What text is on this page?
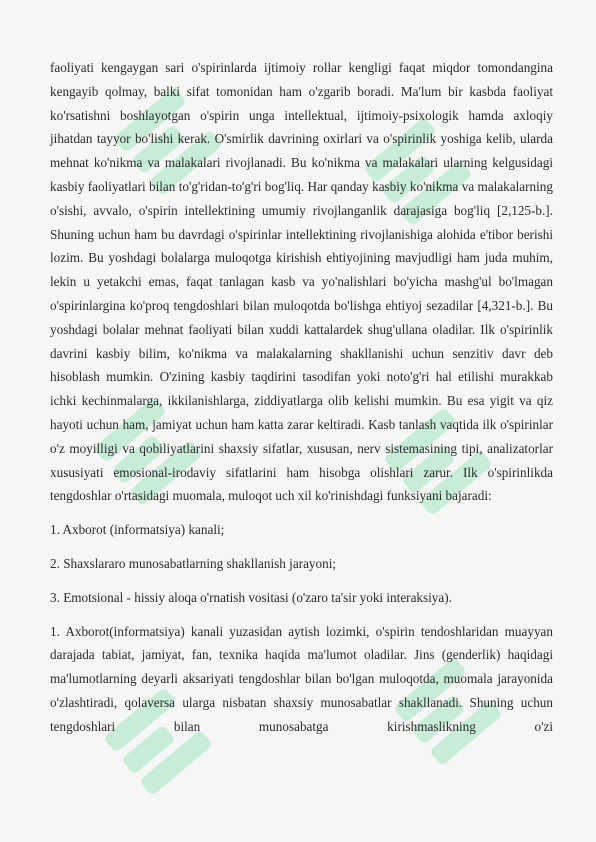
faoliyati kengaygan sari o'spirinlarda ijtimoiy rollar kengligi faqat miqdor tomondangina kengayib qolmay, balki sifat tomonidan ham o'zgarib boradi. Ma'lum bir kasbda faoliyat ko'rsatishni boshlayotgan o'spirin unga intellektual, ijtimoiy-psixologik hamda axloqiy jihatdan tayyor bo'lishi kerak. O'smirlik davrining oxirlari va o'spirinlik yoshiga kelib, ularda mehnat ko'nikma va malakalari rivojlanadi. Bu ko'nikma va malakalari ularning kelgusidagi kasbiy faoliyatlari bilan to'g'ridan-to'g'ri bog'liq. Har qanday kasbiy ko'nikma va malakalarning o'sishi, avvalo, o'spirin intellektining umumiy rivojlanganlik darajasiga bog'liq [2,125-b.]. Shuning uchun ham bu davrdagi o'spirinlar intellektining rivojlanishiga alohida e'tibor berishi lozim. Bu yoshdagi bolalarga muloqotga kirishish ehtiyojining mavjudligi ham juda muhim, lekin u yetakchi emas, faqat tanlagan kasb va yo'nalishlari bo'yicha mashg'ul bo'lmagan o'spirinlargina ko'proq tengdoshlari bilan muloqotda bo'lishga ehtiyoj sezadilar [4,321-b.]. Bu yoshdagi bolalar mehnat faoliyati bilan xuddi kattalardek shug'ullana oladilar. Ilk o'spirinlik davrini kasbiy bilim, ko'nikma va malakalarning shakllanishi uchun senzitiv davr deb hisoblash mumkin. O'zining kasbiy taqdirini tasodifan yoki noto'g'ri hal etilishi murakkab ichki kechinmalarga, ikkilanishlarga, ziddiyatlarga olib kelishi mumkin. Bu esa yigit va qiz hayoti uchun ham, jamiyat uchun ham katta zarar keltiradi. Kasb tanlash vaqtida ilk o'spirinlar o'z moyilligi va qobiliyatlarini shaxsiy sifatlar, xususan, nerv sistemasining tipi, analizatorlar xususiyati emosional-irodaviy sifatlarini ham hisobga olishlari zarur. Ilk o'spirinlikda tengdoshlar o'rtasidagi muomala, muloqot uch xil ko'rinishdagi funksiyani bajaradi:

1. Axborot (informatsiya) kanali;

2. Shaxslararo munosabatlarning shakllanish jarayoni;

3. Emotsional - hissiy aloqa o'rnatish vositasi (o'zaro ta'sir yoki interaksiya).

1. Axborot(informatsiya) kanali yuzasidan aytish lozimki, o'spirin tendoshlaridan muayyan darajada tabiat, jamiyat, fan, texnika haqida ma'lumot oladilar. Jins (genderlik) haqidagi ma'lumotlarning deyarli aksariyati tengdoshlar bilan bo'lgan muloqotda, muomala jarayonida o'zlashtiradi, qolaversa ularga nisbatan shaxsiy munosabatlar shakllanadi. Shuning uchun tengdoshlari bilan munosabatga kirishmaslikning o'zi
